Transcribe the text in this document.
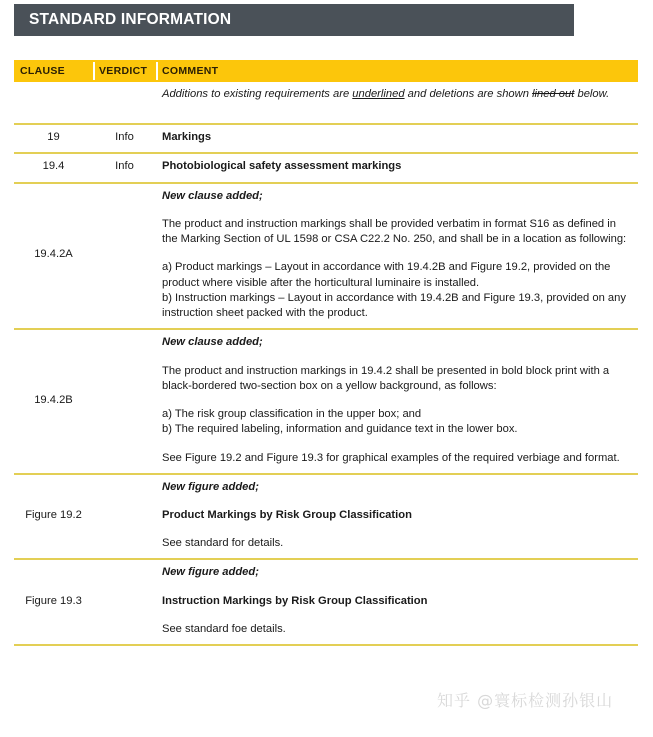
STANDARD INFORMATION
CLAUSE	VERDICT	COMMENT

		Additions to existing requirements are underlined and deletions are shown lined out below.

19	Info	Markings
19.4	Info	Photobiological safety assessment markings
19.4.2A		New clause added;

The product and instruction markings shall be provided verbatim in format S16 as defined in the Marking Section of UL 1598 or CSA C22.2 No. 250, and shall be in a location as following:

a) Product markings – Layout in accordance with 19.4.2B and Figure 19.2, provided on the product where visible after the horticultural luminaire is installed.

b) Instruction markings – Layout in accordance with 19.4.2B and Figure 19.3, provided on any instruction sheet packed with the product.

19.4.2B		New clause added;

The product and instruction markings in 19.4.2 shall be presented in bold block print with a black-bordered two-section box on a yellow background, as follows:

a) The risk group classification in the upper box; and

b) The required labeling, information and guidance text in the lower box.

See Figure 19.2 and Figure 19.3 for graphical examples of the required verbiage and format.

Figure 19.2		New figure added;

Product Markings by Risk Group Classification

See standard for details.

Figure 19.3		New figure added;

Instruction Markings by Risk Group Classification

See standard foe details.

知乎 @寰标检测孙银山
